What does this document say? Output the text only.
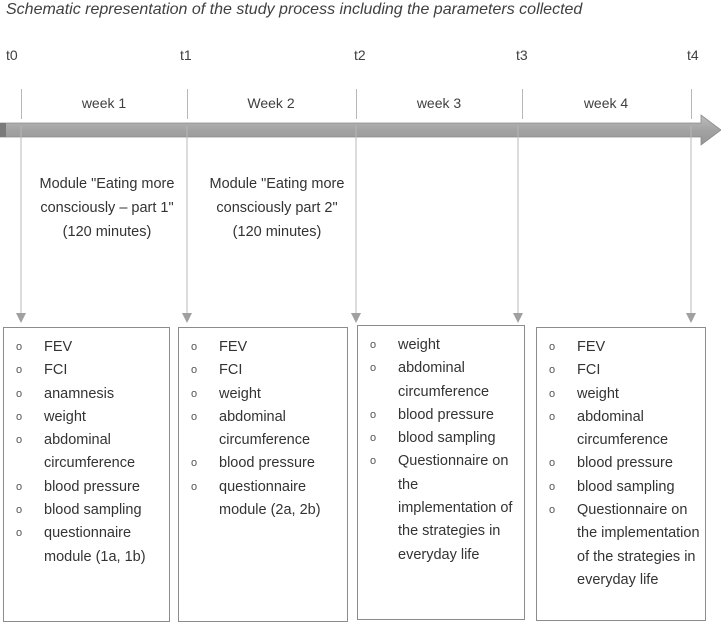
Schematic representation of the study process including the parameters collected
t0	t1	t2	t3	t4
week 1	Week 2	week 3	week 4
Module "Eating more consciously – part 1" (120 minutes)
Module "Eating more consciously part 2" (120 minutes)
o FEV
o FCI
o anamnesis
o weight
o abdominal circumference
o blood pressure
o blood sampling
o questionnaire module (1a, 1b)
o FEV
o FCI
o weight
o abdominal circumference
o blood pressure
o questionnaire module (2a, 2b)
o weight
o abdominal circumference
o blood pressure
o blood sampling
o Questionnaire on the implementation of the strategies in everyday life
o FEV
o FCI
o weight
o abdominal circumference
o blood pressure
o blood sampling
o Questionnaire on the implementation of the strategies in everyday life
